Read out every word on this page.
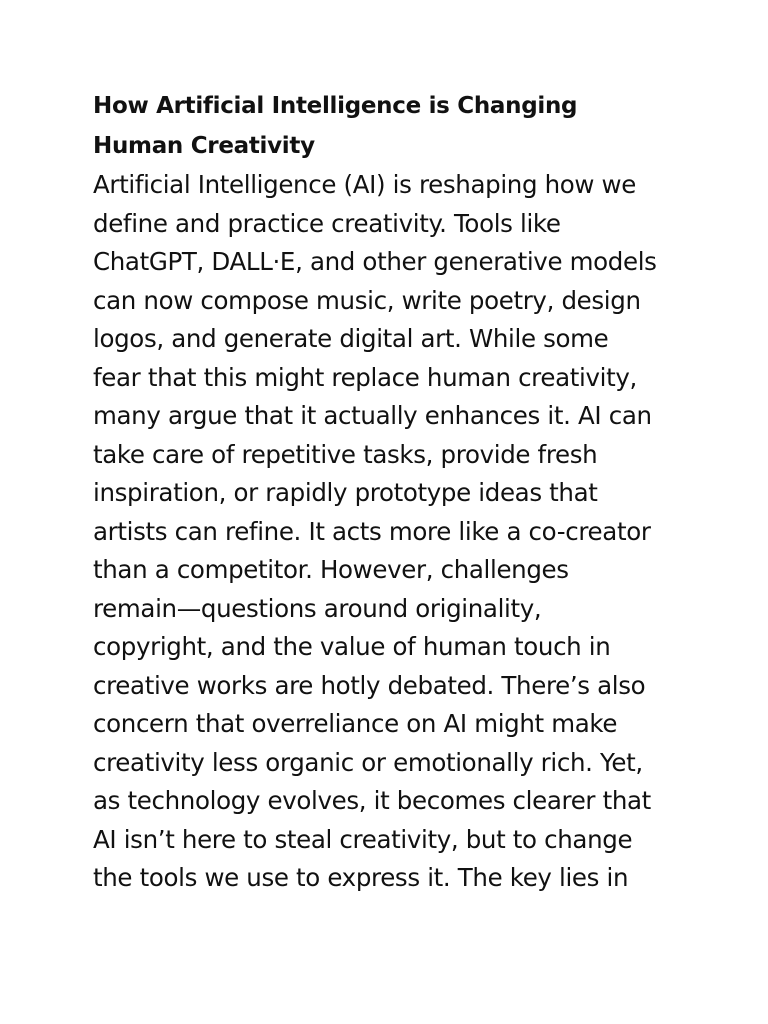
How Artificial Intelligence is Changing
Human Creativity

Artificial Intelligence (AI) is reshaping how we
define and practice creativity. Tools like
ChatGPT, DALL·E, and other generative models
can now compose music, write poetry, design
logos, and generate digital art. While some
fear that this might replace human creativity,
many argue that it actually enhances it. AI can
take care of repetitive tasks, provide fresh
inspiration, or rapidly prototype ideas that
artists can refine. It acts more like a co-creator
than a competitor. However, challenges
remain—questions around originality,
copyright, and the value of human touch in
creative works are hotly debated. There’s also
concern that overreliance on AI might make
creativity less organic or emotionally rich. Yet,
as technology evolves, it becomes clearer that
AI isn’t here to steal creativity, but to change
the tools we use to express it. The key lies in
